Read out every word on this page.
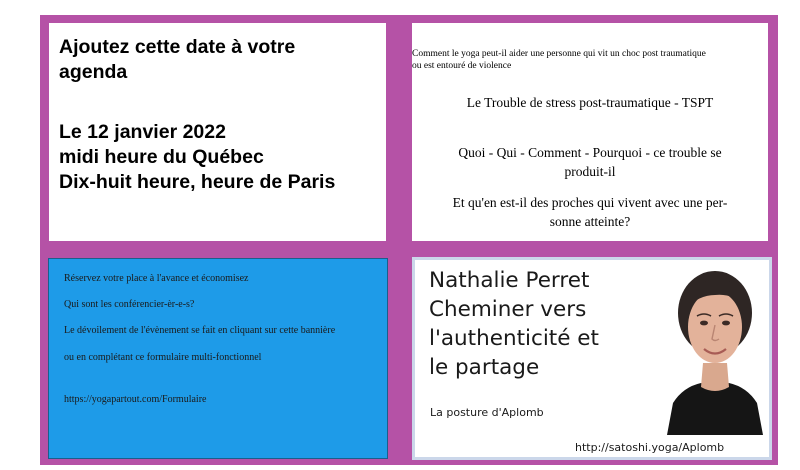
Ajoutez cette date à votre
agenda
Le 12 janvier 2022
midi heure du Québec
Dix-huit heure, heure de Paris
Comment le yoga peut-il aider une personne qui vit un choc post traumatique
ou est entouré de violence
Le Trouble de stress post-traumatique - TSPT
Quoi - Qui - Comment - Pourquoi - ce trouble se
produit-il
Et qu'en est-il des proches qui vivent avec une per-
sonne atteinte?
Réservez votre place à l'avance et économisez
Qui sont les conférencier-èr-e-s?
Le dévoilement de l'évènement se fait en cliquant sur cette bannière
ou en complétant ce formulaire multi-fonctionnel
https://yogapartout.com/Formulaire
Nathalie Perret
Cheminer vers
l'authenticité et
le partage
La posture d'Aplomb
http://satoshi.yoga/Aplomb
